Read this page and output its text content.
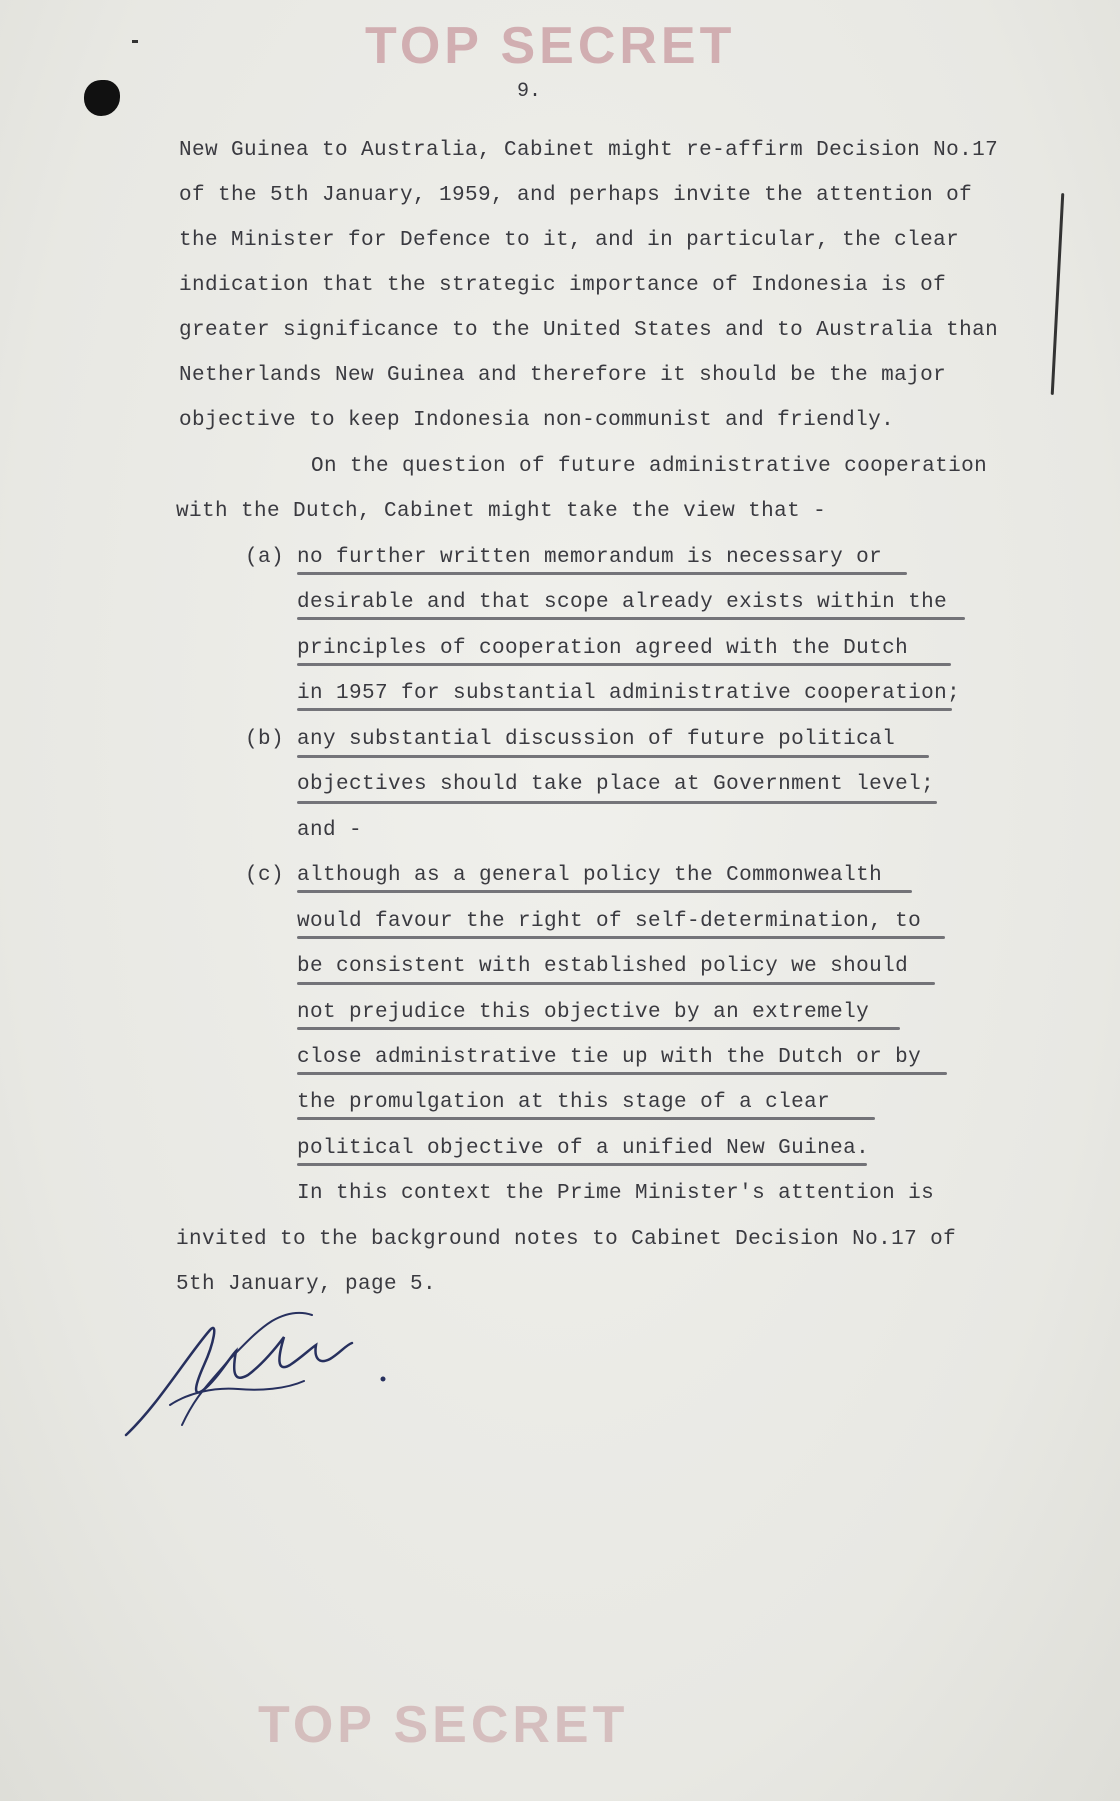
TOP SECRET
9.
New Guinea to Australia, Cabinet might re-affirm Decision No.17
of the 5th January, 1959, and perhaps invite the attention of
the Minister for Defence to it, and in particular, the clear
indication that the strategic importance of Indonesia is of
greater significance to the United States and to Australia than
Netherlands New Guinea and therefore it should be the major
objective to keep Indonesia non-communist and friendly.
On the question of future administrative cooperation
with the Dutch, Cabinet might take the view that -
(a) no further written memorandum is necessary or
desirable and that scope already exists within the
principles of cooperation agreed with the Dutch
in 1957 for substantial administrative cooperation;
(b) any substantial discussion of future political
objectives should take place at Government level;
and -
(c) although as a general policy the Commonwealth
would favour the right of self-determination, to
be consistent with established policy we should
not prejudice this objective by an extremely
close administrative tie up with the Dutch or by
the promulgation at this stage of a clear
political objective of a unified New Guinea.
In this context the Prime Minister's attention is
invited to the background notes to Cabinet Decision No.17 of
5th January, page 5.
TOP SECRET
